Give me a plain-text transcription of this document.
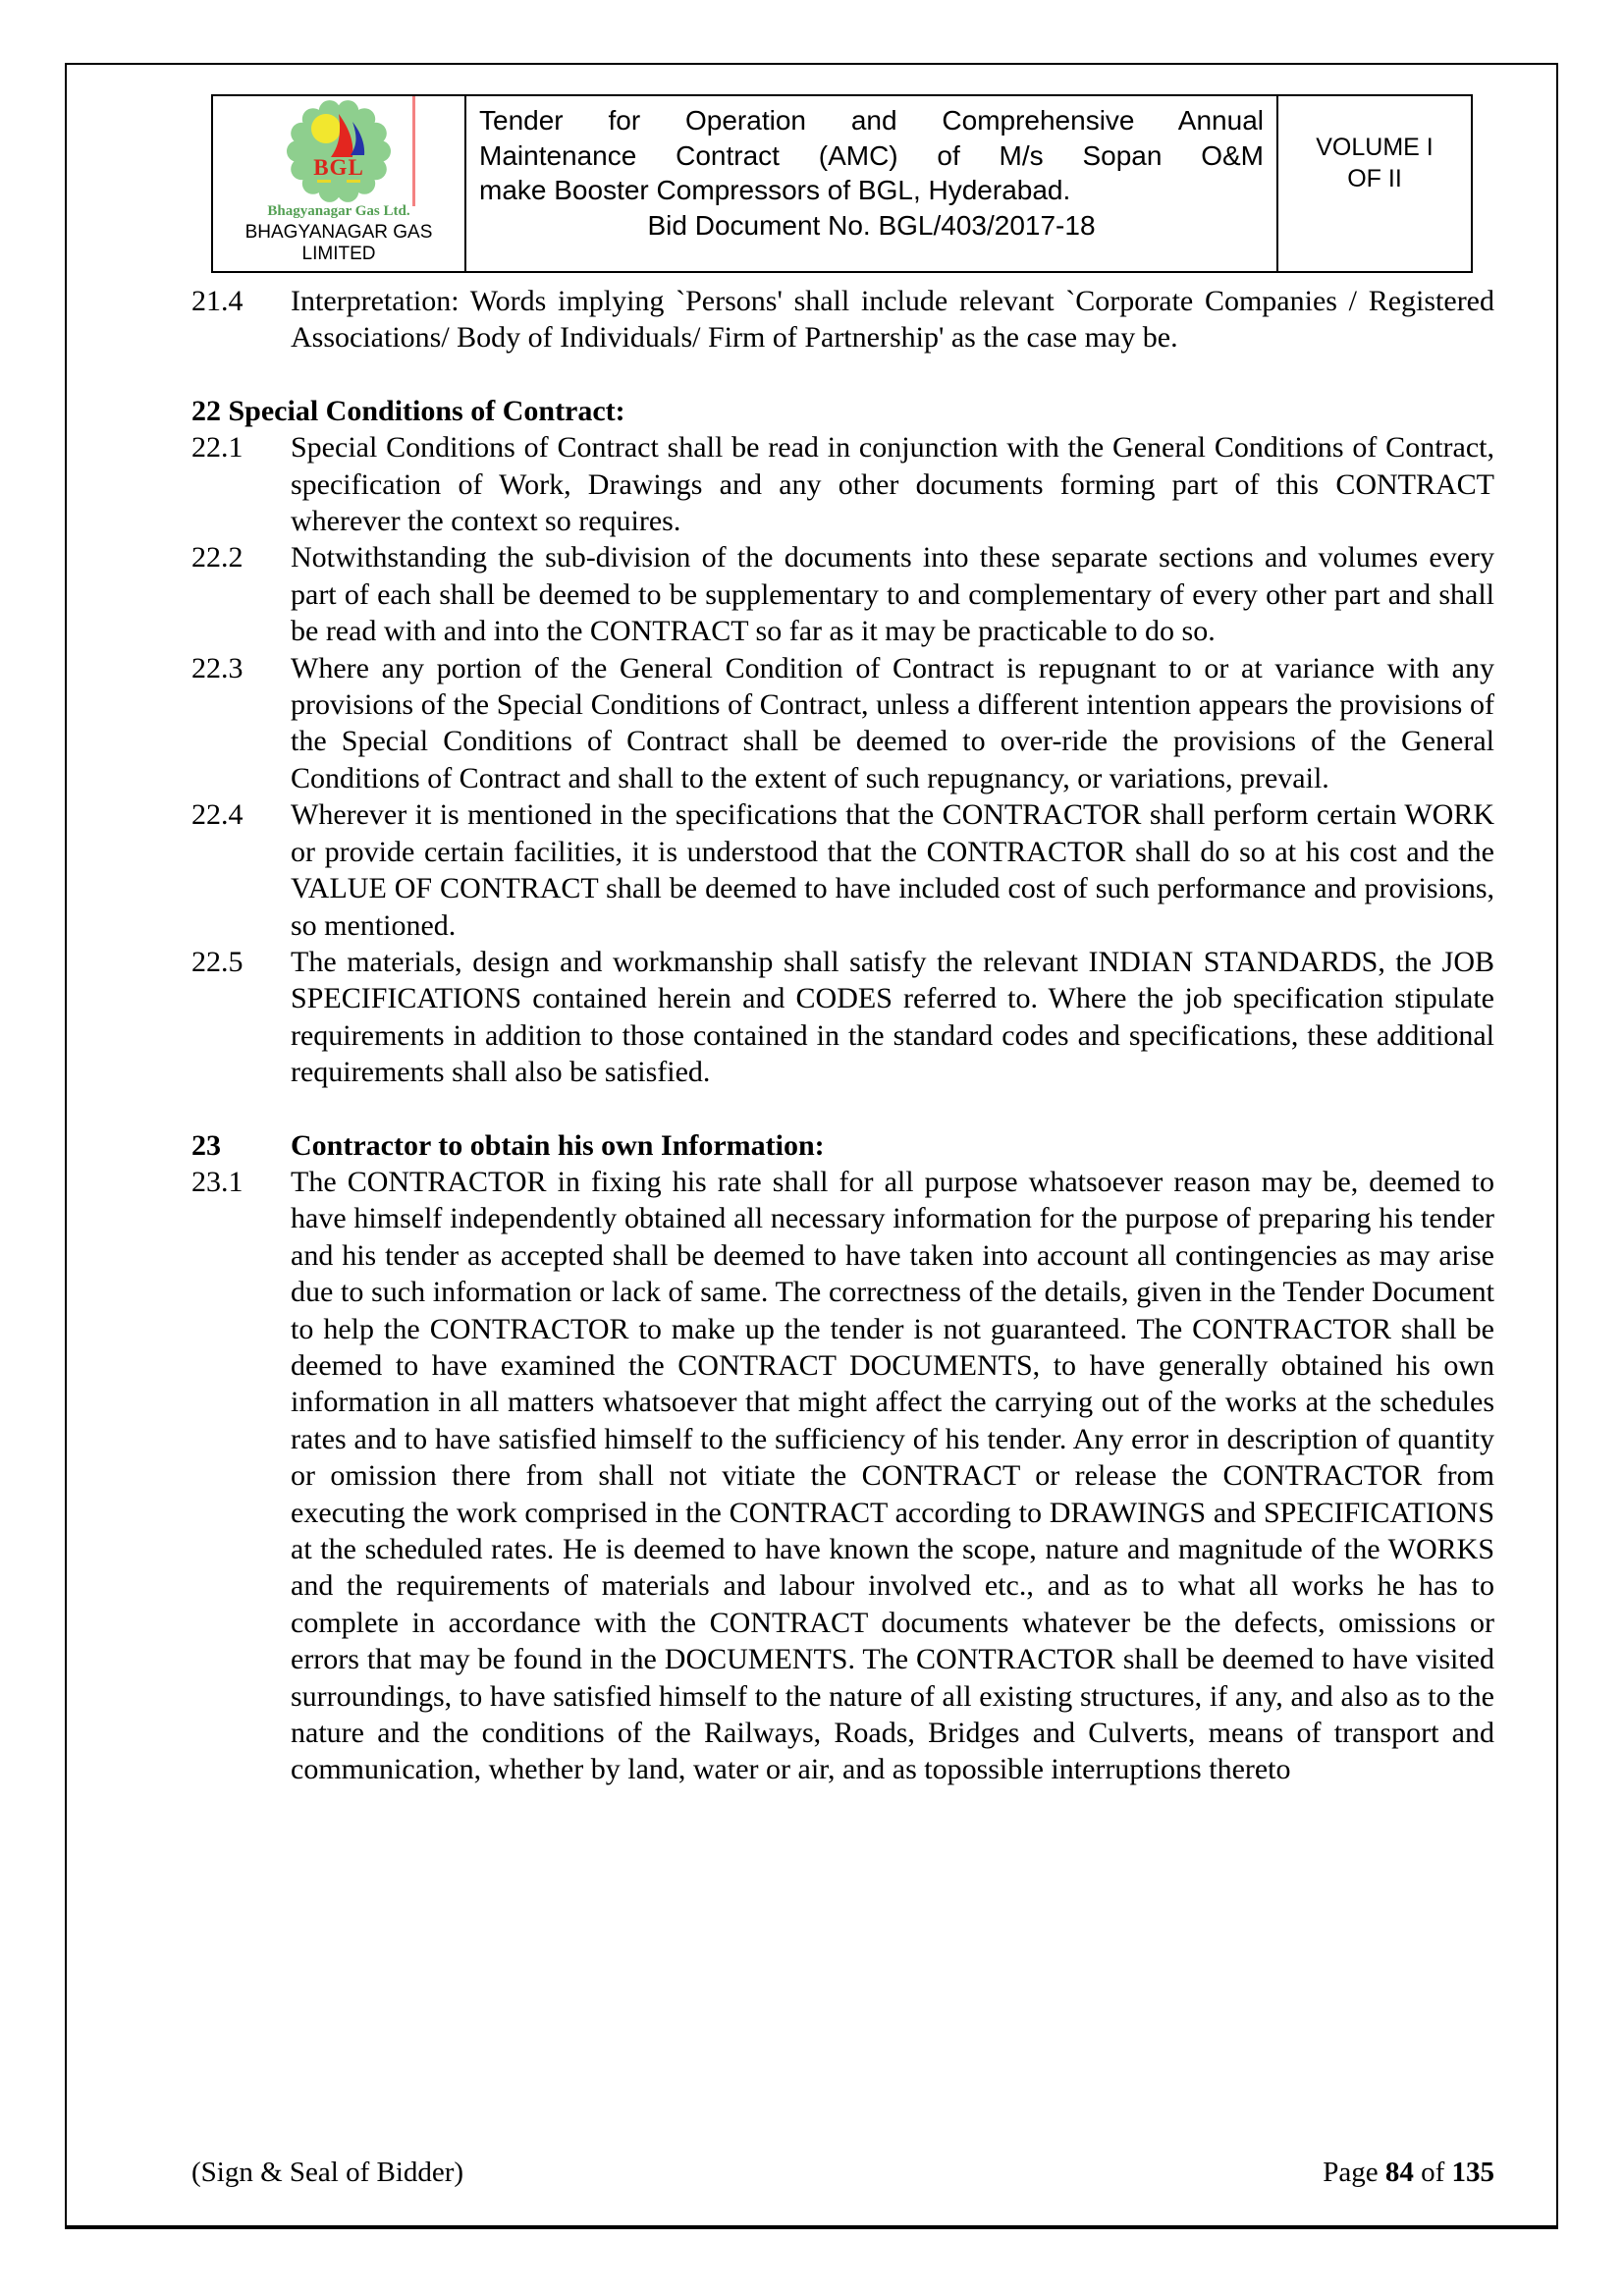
BGL
Bhagyanagar Gas Ltd.
BHAGYANAGAR GAS LIMITED
Tender for Operation and Comprehensive Annual
Maintenance Contract (AMC) of M/s Sopan O&M
make Booster Compressors of BGL, Hyderabad.
Bid Document No. BGL/403/2017-18
VOLUME I
OF II
21.4	Interpretation: Words implying `Persons' shall include relevant `Corporate Companies / Registered Associations/ Body of Individuals/ Firm of Partnership' as the case may be.
22 Special Conditions of Contract:
22.1	Special Conditions of Contract shall be read in conjunction with the General Conditions of Contract, specification of Work, Drawings and any other documents forming part of this CONTRACT wherever the context so requires.
22.2	Notwithstanding the sub-division of the documents into these separate sections and volumes every part of each shall be deemed to be supplementary to and complementary of every other part and shall be read with and into the CONTRACT so far as it may be practicable to do so.
22.3	Where any portion of the General Condition of Contract is repugnant to or at variance with any provisions of the Special Conditions of Contract, unless a different intention appears the provisions of the Special Conditions of Contract shall be deemed to over-ride the provisions of the General Conditions of Contract and shall to the extent of such repugnancy, or variations, prevail.
22.4	Wherever it is mentioned in the specifications that the CONTRACTOR shall perform certain WORK or provide certain facilities, it is understood that the CONTRACTOR shall do so at his cost and the VALUE OF CONTRACT shall be deemed to have included cost of such performance and provisions, so mentioned.
22.5	The materials, design and workmanship shall satisfy the relevant INDIAN STANDARDS, the JOB SPECIFICATIONS contained herein and CODES referred to. Where the job specification stipulate requirements in addition to those contained in the standard codes and specifications, these additional requirements shall also be satisfied.
23	Contractor to obtain his own Information:
23.1	The CONTRACTOR in fixing his rate shall for all purpose whatsoever reason may be, deemed to have himself independently obtained all necessary information for the purpose of preparing his tender and his tender as accepted shall be deemed to have taken into account all contingencies as may arise due to such information or lack of same. The correctness of the details, given in the Tender Document to help the CONTRACTOR to make up the tender is not guaranteed. The CONTRACTOR shall be deemed to have examined the CONTRACT DOCUMENTS, to have generally obtained his own information in all matters whatsoever that might affect the carrying out of the works at the schedules rates and to have satisfied himself to the sufficiency of his tender. Any error in description of quantity or omission there from shall not vitiate the CONTRACT or release the CONTRACTOR from executing the work comprised in the CONTRACT according to DRAWINGS and SPECIFICATIONS at the scheduled rates. He is deemed to have known the scope, nature and magnitude of the WORKS and the requirements of materials and labour involved etc., and as to what all works he has to complete in accordance with the CONTRACT documents whatever be the defects, omissions or errors that may be found in the DOCUMENTS. The CONTRACTOR shall be deemed to have visited surroundings, to have satisfied himself to the nature of all existing structures, if any, and also as to the nature and the conditions of the Railways, Roads, Bridges and Culverts, means of transport and communication, whether by land, water or air, and as topossible interruptions thereto
(Sign & Seal of Bidder)	Page 84 of 135
